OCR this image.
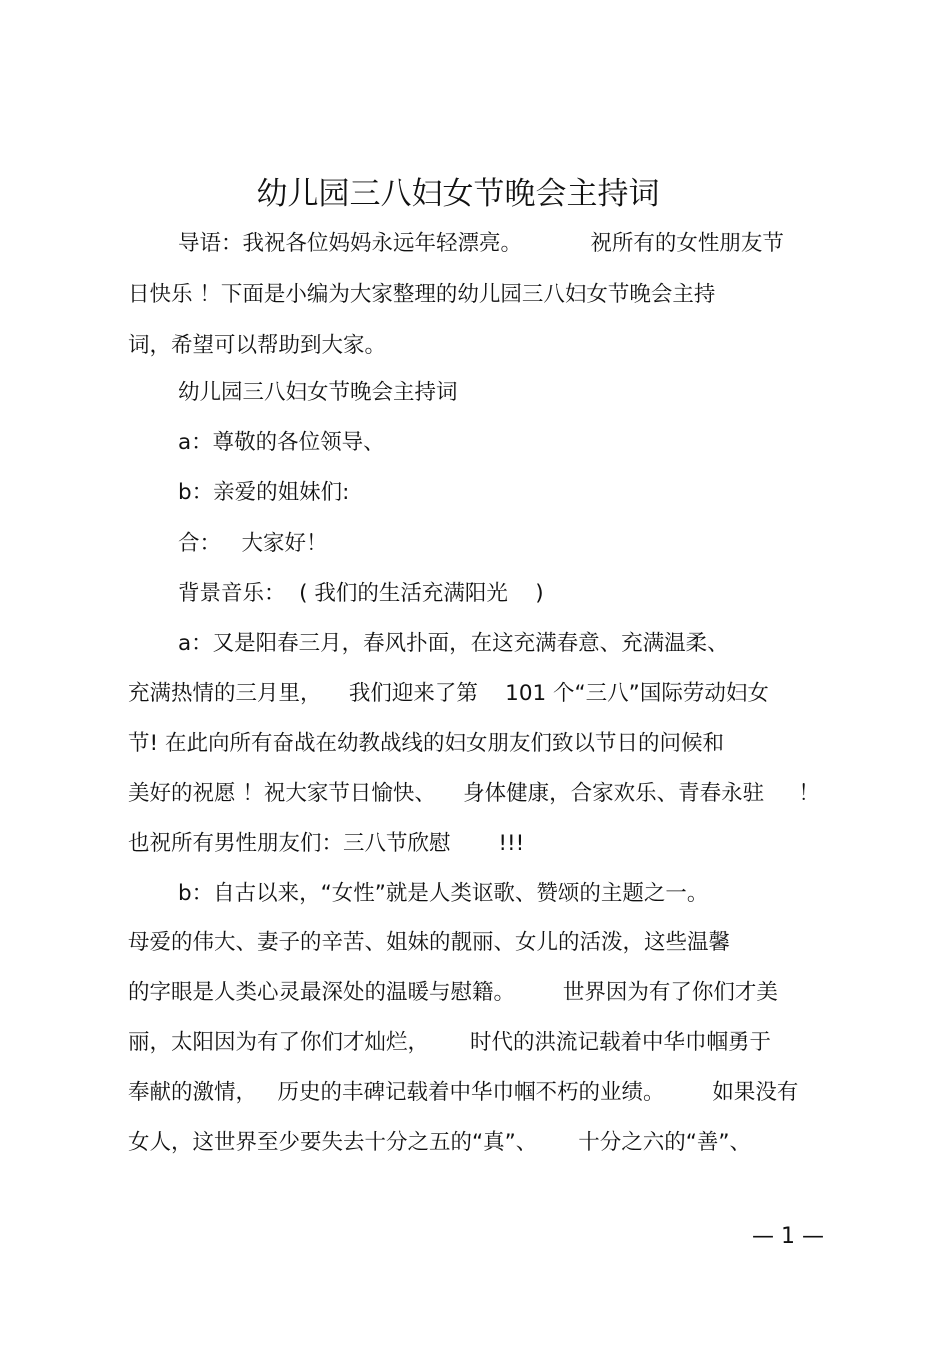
幼儿园三八妇女节晚会主持词
导语：我祝各位妈妈永远年轻漂亮。          祝所有的女性朋友节
日快乐 ！下面是小编为大家整理的幼儿园三八妇女节晚会主持
词，希望可以帮助到大家。
幼儿园三八妇女节晚会主持词
a：尊敬的各位领导、
b：亲爱的姐妹们:
合：   大家好！
背景音乐：  ( 我们的生活充满阳光    )
a：又是阳春三月，春风扑面，在这充满春意、充满温柔、
充满热情的三月里，    我们迎来了第    101 个“三八”国际劳动妇女
节! 在此向所有奋战在幼教战线的妇女朋友们致以节日的问候和
美好的祝愿 ！祝大家节日愉快、    身体健康，合家欢乐、青春永驻     ！
也祝所有男性朋友们：三八节欣慰       !!!
b：自古以来，“女性”就是人类讴歌、赞颂的主题之一。
母爱的伟大、妻子的辛苦、姐妹的靓丽、女儿的活泼，这些温馨
的字眼是人类心灵最深处的温暖与慰籍。       世界因为有了你们才美
丽，太阳因为有了你们才灿烂，      时代的洪流记载着中华巾帼勇于
奉献的激情，   历史的丰碑记载着中华巾帼不朽的业绩。       如果没有
女人，这世界至少要失去十分之五的“真”、      十分之六的“善”、
— 1 —
